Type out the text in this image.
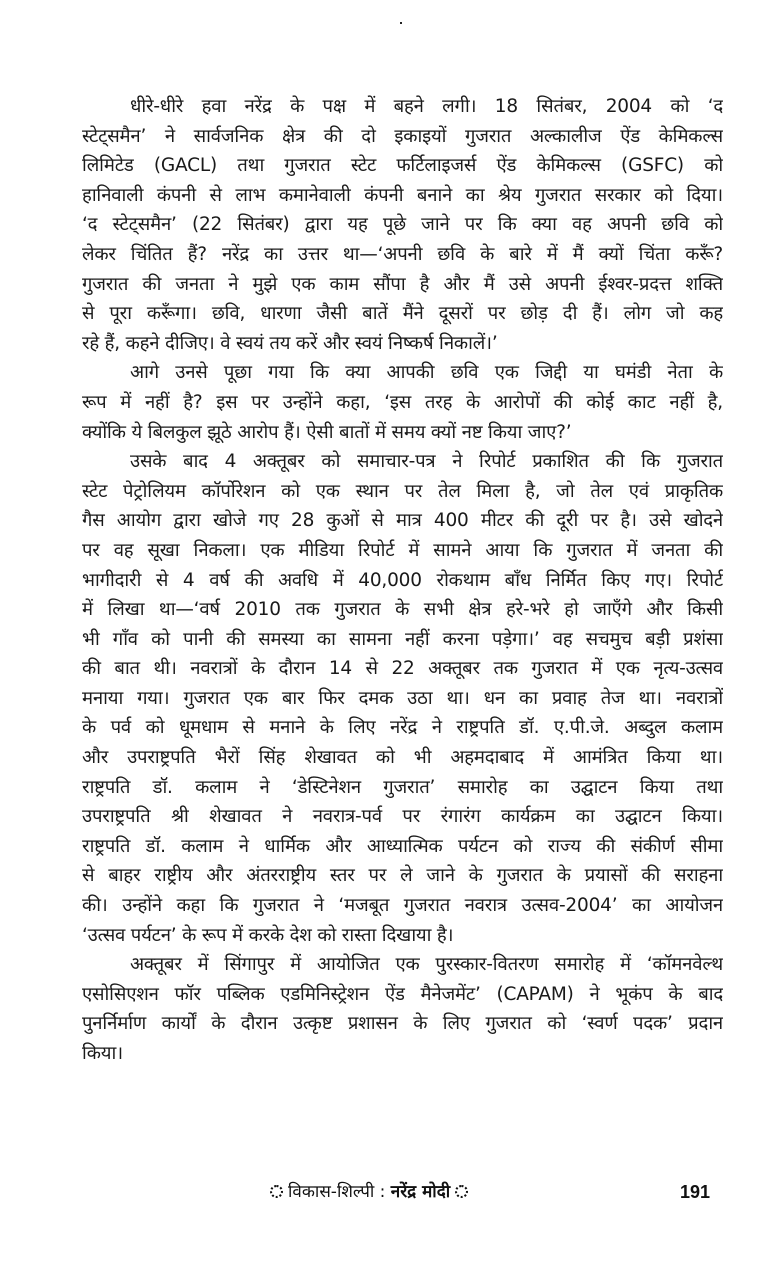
धीरे-धीरे हवा नरेंद्र के पक्ष में बहने लगी। 18 सितंबर, 2004 को ‘द
स्टेट्समैन’ ने सार्वजनिक क्षेत्र की दो इकाइयों गुजरात अल्कालीज ऐंड केमिकल्स
लिमिटेड (GACL) तथा गुजरात स्टेट फर्टिलाइजर्स ऐंड केमिकल्स (GSFC) को
हानिवाली कंपनी से लाभ कमानेवाली कंपनी बनाने का श्रेय गुजरात सरकार को दिया।
‘द स्टेट्समैन’ (22 सितंबर) द्वारा यह पूछे जाने पर कि क्या वह अपनी छवि को
लेकर चिंतित हैं? नरेंद्र का उत्तर था—‘अपनी छवि के बारे में मैं क्यों चिंता करूँ?
गुजरात की जनता ने मुझे एक काम सौंपा है और मैं उसे अपनी ईश्वर-प्रदत्त शक्ति
से पूरा करूँगा। छवि, धारणा जैसी बातें मैंने दूसरों पर छोड़ दी हैं। लोग जो कह
रहे हैं, कहने दीजिए। वे स्वयं तय करें और स्वयं निष्कर्ष निकालें।’
आगे उनसे पूछा गया कि क्या आपकी छवि एक जिद्दी या घमंडी नेता के
रूप में नहीं है? इस पर उन्होंने कहा, ‘इस तरह के आरोपों की कोई काट नहीं है,
क्योंकि ये बिलकुल झूठे आरोप हैं। ऐसी बातों में समय क्यों नष्ट किया जाए?’
उसके बाद 4 अक्तूबर को समाचार-पत्र ने रिपोर्ट प्रकाशित की कि गुजरात
स्टेट पेट्रोलियम कॉर्पोरेशन को एक स्थान पर तेल मिला है, जो तेल एवं प्राकृतिक
गैस आयोग द्वारा खोजे गए 28 कुओं से मात्र 400 मीटर की दूरी पर है। उसे खोदने
पर वह सूखा निकला। एक मीडिया रिपोर्ट में सामने आया कि गुजरात में जनता की
भागीदारी से 4 वर्ष की अवधि में 40,000 रोकथाम बाँध निर्मित किए गए। रिपोर्ट
में लिखा था—‘वर्ष 2010 तक गुजरात के सभी क्षेत्र हरे-भरे हो जाएँगे और किसी
भी गाँव को पानी की समस्या का सामना नहीं करना पड़ेगा।’ वह सचमुच बड़ी प्रशंसा
की बात थी। नवरात्रों के दौरान 14 से 22 अक्तूबर तक गुजरात में एक नृत्य-उत्सव
मनाया गया। गुजरात एक बार फिर दमक उठा था। धन का प्रवाह तेज था। नवरात्रों
के पर्व को धूमधाम से मनाने के लिए नरेंद्र ने राष्ट्रपति डॉ. ए.पी.जे. अब्दुल कलाम
और उपराष्ट्रपति भैरों सिंह शेखावत को भी अहमदाबाद में आमंत्रित किया था।
राष्ट्रपति डॉ. कलाम ने ‘डेस्टिनेशन गुजरात’ समारोह का उद्घाटन किया तथा
उपराष्ट्रपति श्री शेखावत ने नवरात्र-पर्व पर रंगारंग कार्यक्रम का उद्घाटन किया।
राष्ट्रपति डॉ. कलाम ने धार्मिक और आध्यात्मिक पर्यटन को राज्य की संकीर्ण सीमा
से बाहर राष्ट्रीय और अंतरराष्ट्रीय स्तर पर ले जाने के गुजरात के प्रयासों की सराहना
की। उन्होंने कहा कि गुजरात ने ‘मजबूत गुजरात नवरात्र उत्सव-2004’ का आयोजन
‘उत्सव पर्यटन’ के रूप में करके देश को रास्ता दिखाया है।
अक्तूबर में सिंगापुर में आयोजित एक पुरस्कार-वितरण समारोह में ‘कॉमनवेल्थ
एसोसिएशन फॉर पब्लिक एडमिनिस्ट्रेशन ऐंड मैनेजमेंट’ (CAPAM) ने भूकंप के बाद
पुनर्निर्माण कार्यों के दौरान उत्कृष्ट प्रशासन के लिए गुजरात को ‘स्वर्ण पदक’ प्रदान
किया।
विकास-शिल्पी : नरेंद्र मोदी	191
